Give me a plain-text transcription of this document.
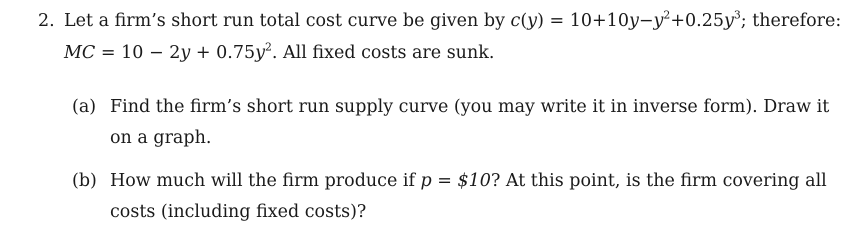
2. Let a firm’s short run total cost curve be given by $c(y) = 10+10y-y^2+0.25y^3$; therefore:
MC = $10 - 2y + 0.75y^2$. All fixed costs are sunk.
(a) Find the firm’s short run supply curve (you may write it in inverse form). Draw it
on a graph.
(b) How much will the firm produce if p = $10? At this point, is the firm covering all
costs (including fixed costs)?
